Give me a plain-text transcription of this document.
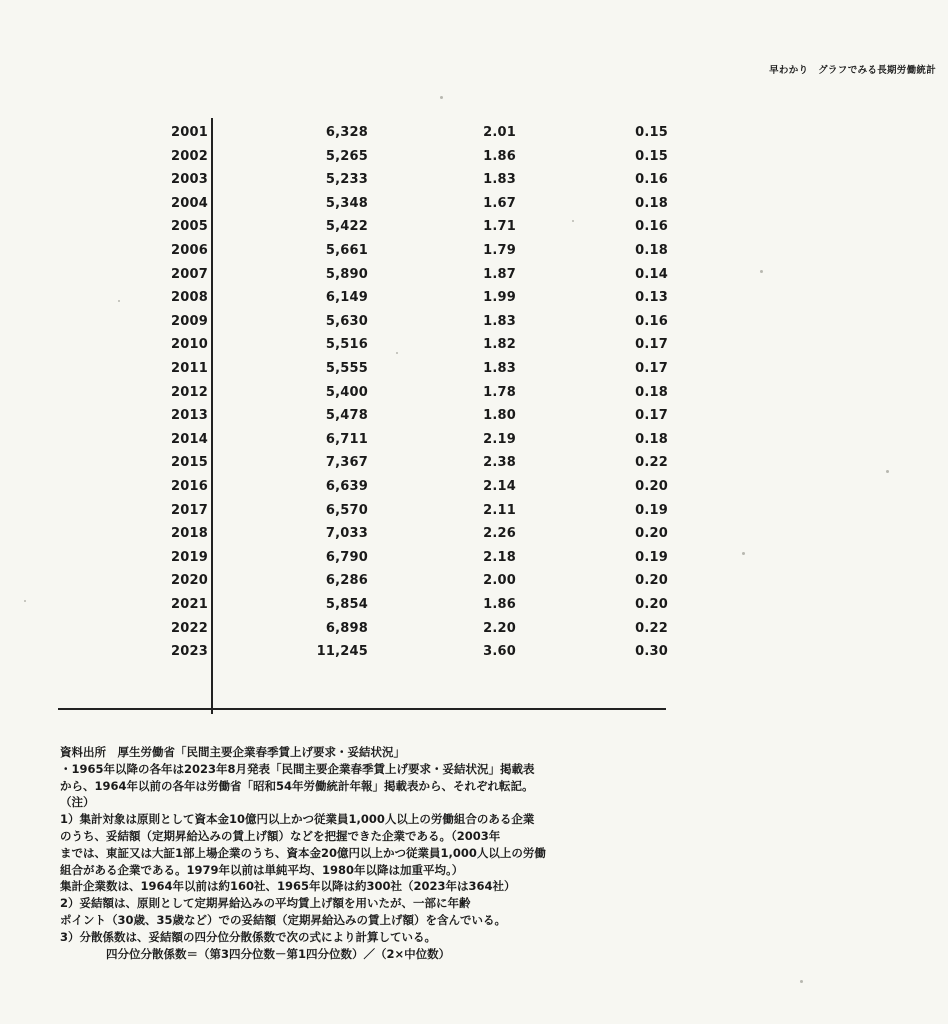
早わかり　グラフでみる長期労働統計
2001	6,328	2.01	0.15
2002	5,265	1.86	0.15
2003	5,233	1.83	0.16
2004	5,348	1.67	0.18
2005	5,422	1.71	0.16
2006	5,661	1.79	0.18
2007	5,890	1.87	0.14
2008	6,149	1.99	0.13
2009	5,630	1.83	0.16
2010	5,516	1.82	0.17
2011	5,555	1.83	0.17
2012	5,400	1.78	0.18
2013	5,478	1.80	0.17
2014	6,711	2.19	0.18
2015	7,367	2.38	0.22
2016	6,639	2.14	0.20
2017	6,570	2.11	0.19
2018	7,033	2.26	0.20
2019	6,790	2.18	0.19
2020	6,286	2.00	0.20
2021	5,854	1.86	0.20
2022	6,898	2.20	0.22
2023	11,245	3.60	0.30

資料出所　厚生労働省「民間主要企業春季賃上げ要求・妥結状況」

・1965年以降の各年は2023年8月発表「民間主要企業春季賃上げ要求・妥結状況」掲載表

から、1964年以前の各年は労働省「昭和54年労働統計年報」掲載表から、それぞれ転記。

（注）

1）集計対象は原則として資本金10億円以上かつ従業員1,000人以上の労働組合のある企業

のうち、妥結額（定期昇給込みの賃上げ額）などを把握できた企業である。（2003年

までは、東証又は大証1部上場企業のうち、資本金20億円以上かつ従業員1,000人以上の労働

組合がある企業である。1979年以前は単純平均、1980年以降は加重平均。）

集計企業数は、1964年以前は約160社、1965年以降は約300社（2023年は364社）

2）妥結額は、原則として定期昇給込みの平均賃上げ額を用いたが、一部に年齢

ポイント（30歳、35歳など）での妥結額（定期昇給込みの賃上げ額）を含んでいる。

3）分散係数は、妥結額の四分位分散係数で次の式により計算している。

四分位分散係数＝（第3四分位数－第1四分位数）／（2×中位数）
